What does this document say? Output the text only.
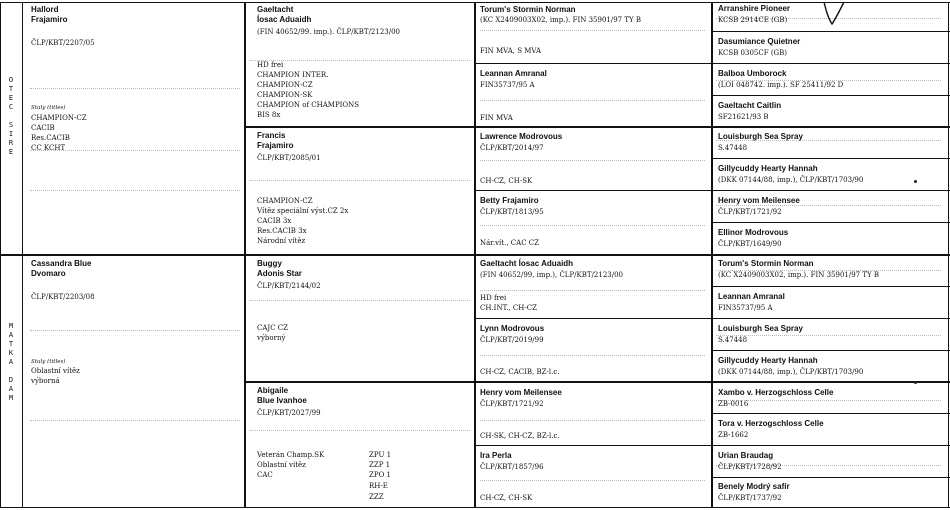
O
T
E
C

S
I
R
E
M
A
T
K
A

D
A
M
Hallord
Frajamiro
ČLP/KBT/2207/05
Stuly (titles)
CHAMPION-CZ
CACIB
Res.CACIB
CC KCHT
Cassandra Blue
Dvomaro
ČLP/KBT/2203/08
Stuly (titles)
Oblastní vítěz
výborná
Gaeltacht
Íosac Aduaidh
(FIN 40652/99. imp.). ČLP/KBT/2123/00
HD frei
CHAMPION INTER.
CHAMPION-CZ
CHAMPION-SK
CHAMPION of CHAMPIONS
BIS 8x
Francis
Frajamiro
ČLP/KBT/2085/01
CHAMPION-CZ
Vítěz speciální výst.CZ 2x
CACIB 3x
Res.CACIB 3x
Národní vítěz
Buggy
Adonis Star
ČLP/KBT/2144/02
CAJC CZ
výborný
Abigaile
Blue Ivanhoe
ČLP/KBT/2027/99
Veterán Champ.SK
Oblastní vítěz
CAC
ZPU 1
ZZP 1
ZPO 1
RH-E
ZZZ
Torum's Stormin Norman
(KC X2409003X02, imp.). FIN 35901/97 TY B
FIN MVA, S MVA
Leannan Amranal
FIN35737/95 A
FIN MVA
Lawrence Modrovous
ČLP/KBT/2014/97
CH-CZ, CH-SK
Betty Frajamiro
ČLP/KBT/1813/95
Nár.vít., CAC CZ
Gaeltacht Íosac Aduaidh
(FIN 40652/99, imp.), ČLP/KBT/2123/00
HD frei
CH.INT., CH-CZ
Lynn Modrovous
ČLP/KBT/2019/99
CH-CZ, CACIB, BZ-l.c.
Henry vom Meilensee
ČLP/KBT/1721/92
CH-SK, CH-CZ, BZ-l.c.
Ira Perla
ČLP/KBT/1857/96
CH-CZ, CH-SK
Arranshire Pioneer
KCSB 2914CE (GB)
Dasumiance Quietner
KCSB 0305CF (GB)
Balboa Umborock
(LOI 048742. imp.). SF 25411/92 D
Gaeltacht Caitlin
SF21621/93 B
Louisburgh Sea Spray
S.47448
Gillycuddy Hearty Hannah
(DKK 07144/88, imp.), ČLP/KBT/1703/90
Henry vom Meilensee
ČLP/KBT/1721/92
Ellinor Modrovous
ČLP/KBT/1649/90
Torum's Stormin Norman
(KC X2409003X02, imp.). FIN 35901/97 TY B
Leannan Amranal
FIN35737/95 A
Louisburgh Sea Spray
S.47448
Gillycuddy Hearty Hannah
(DKK 07144/88, imp.), ČLP/KBT/1703/90
Xambo v. Herzogschloss Celle
ZB-0016
Tora v. Herzogschloss Celle
ZB-1662
Urian Braudag
ČLP/KBT/1728/92
Benely Modrý safír
ČLP/KBT/1737/92
